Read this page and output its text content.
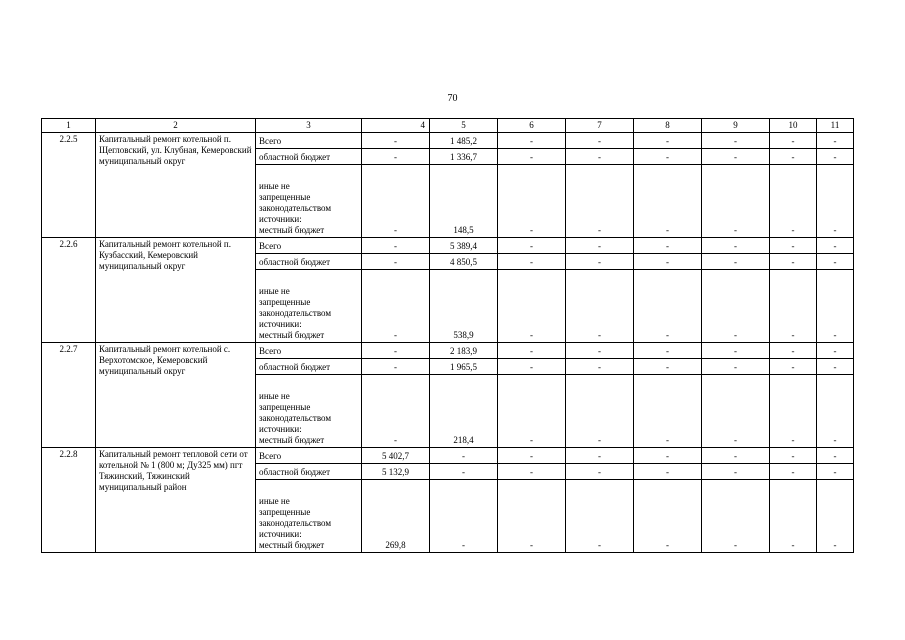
70
1	2	3	4	5	6	7	8	9	10	11
2.2.5	Капитальный ремонт котельной п. Щегловский, ул. Клубная, Кемеровский муниципальный округ	Всего	-	1 485,2	-	-	-	-	-	-
		областной бюджет	-	1 336,7	-	-	-	-	-	-
		иные не
запрещенные
законодательством
источники:
местный бюджет	-	148,5	-	-	-	-	-	-
2.2.6	Капитальный ремонт котельной п. Кузбасский, Кемеровский муниципальный округ	Всего	-	5 389,4	-	-	-	-	-	-
		областной бюджет	-	4 850,5	-	-	-	-	-	-
		иные не
запрещенные
законодательством
источники:
местный бюджет	-	538,9	-	-	-	-	-	-
2.2.7	Капитальный ремонт котельной с. Верхотомское, Кемеровский муниципальный округ	Всего	-	2 183,9	-	-	-	-	-	-
		областной бюджет	-	1 965,5	-	-	-	-	-	-
		иные не
запрещенные
законодательством
источники:
местный бюджет	-	218,4	-	-	-	-	-	-
2.2.8	Капитальный ремонт тепловой сети от котельной № 1 (800 м; Ду325 мм) пгт Тяжинский, Тяжинский муниципальный район	Всего	5 402,7	-	-	-	-	-	-	-
		областной бюджет	5 132,9	-	-	-	-	-	-	-
		иные не
запрещенные
законодательством
источники:
местный бюджет	269,8	-	-	-	-	-	-	-
